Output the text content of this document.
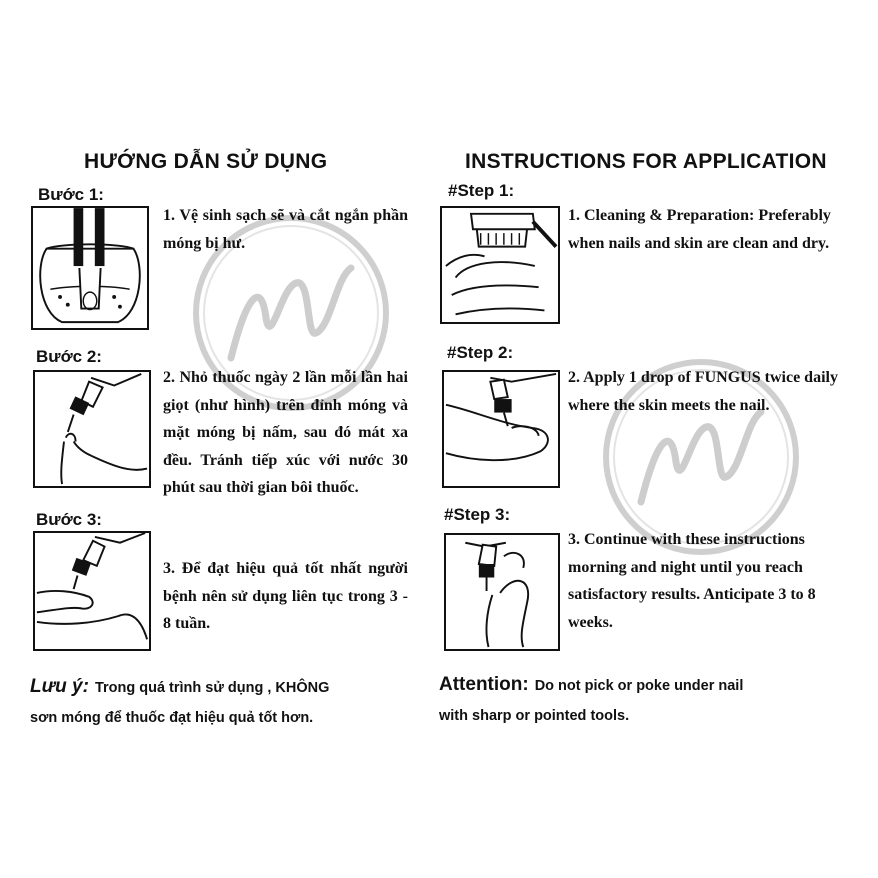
HƯỚNG DẪN SỬ DỤNG
Bước 1:
1. Vệ sinh sạch sẽ và cắt ngắn phần móng bị hư.
Bước 2:
2. Nhỏ thuốc ngày 2 lần mỗi lần hai giọt (như hình) trên đỉnh móng và mặt móng bị nấm, sau đó mát xa đều. Tránh tiếp xúc với nước 30 phút sau thời gian bôi thuốc.
Bước 3:
3. Để đạt hiệu quả tốt nhất người bệnh nên sử dụng liên tục trong 3 - 8 tuần.
Lưu ý: Trong quá trình sử dụng , KHÔNG
sơn móng để thuốc đạt hiệu quả tốt hơn.
INSTRUCTIONS FOR APPLICATION
#Step 1:
1. Cleaning & Preparation: Preferably when nails and skin are clean and dry.
#Step 2:
2. Apply 1 drop of FUNGUS twice daily where the skin meets the nail.
#Step 3:
3. Continue with these instructions morning and night until you reach satisfactory results. Anticipate 3 to 8 weeks.
Attention: Do not pick or poke under nail
with sharp or pointed tools.
